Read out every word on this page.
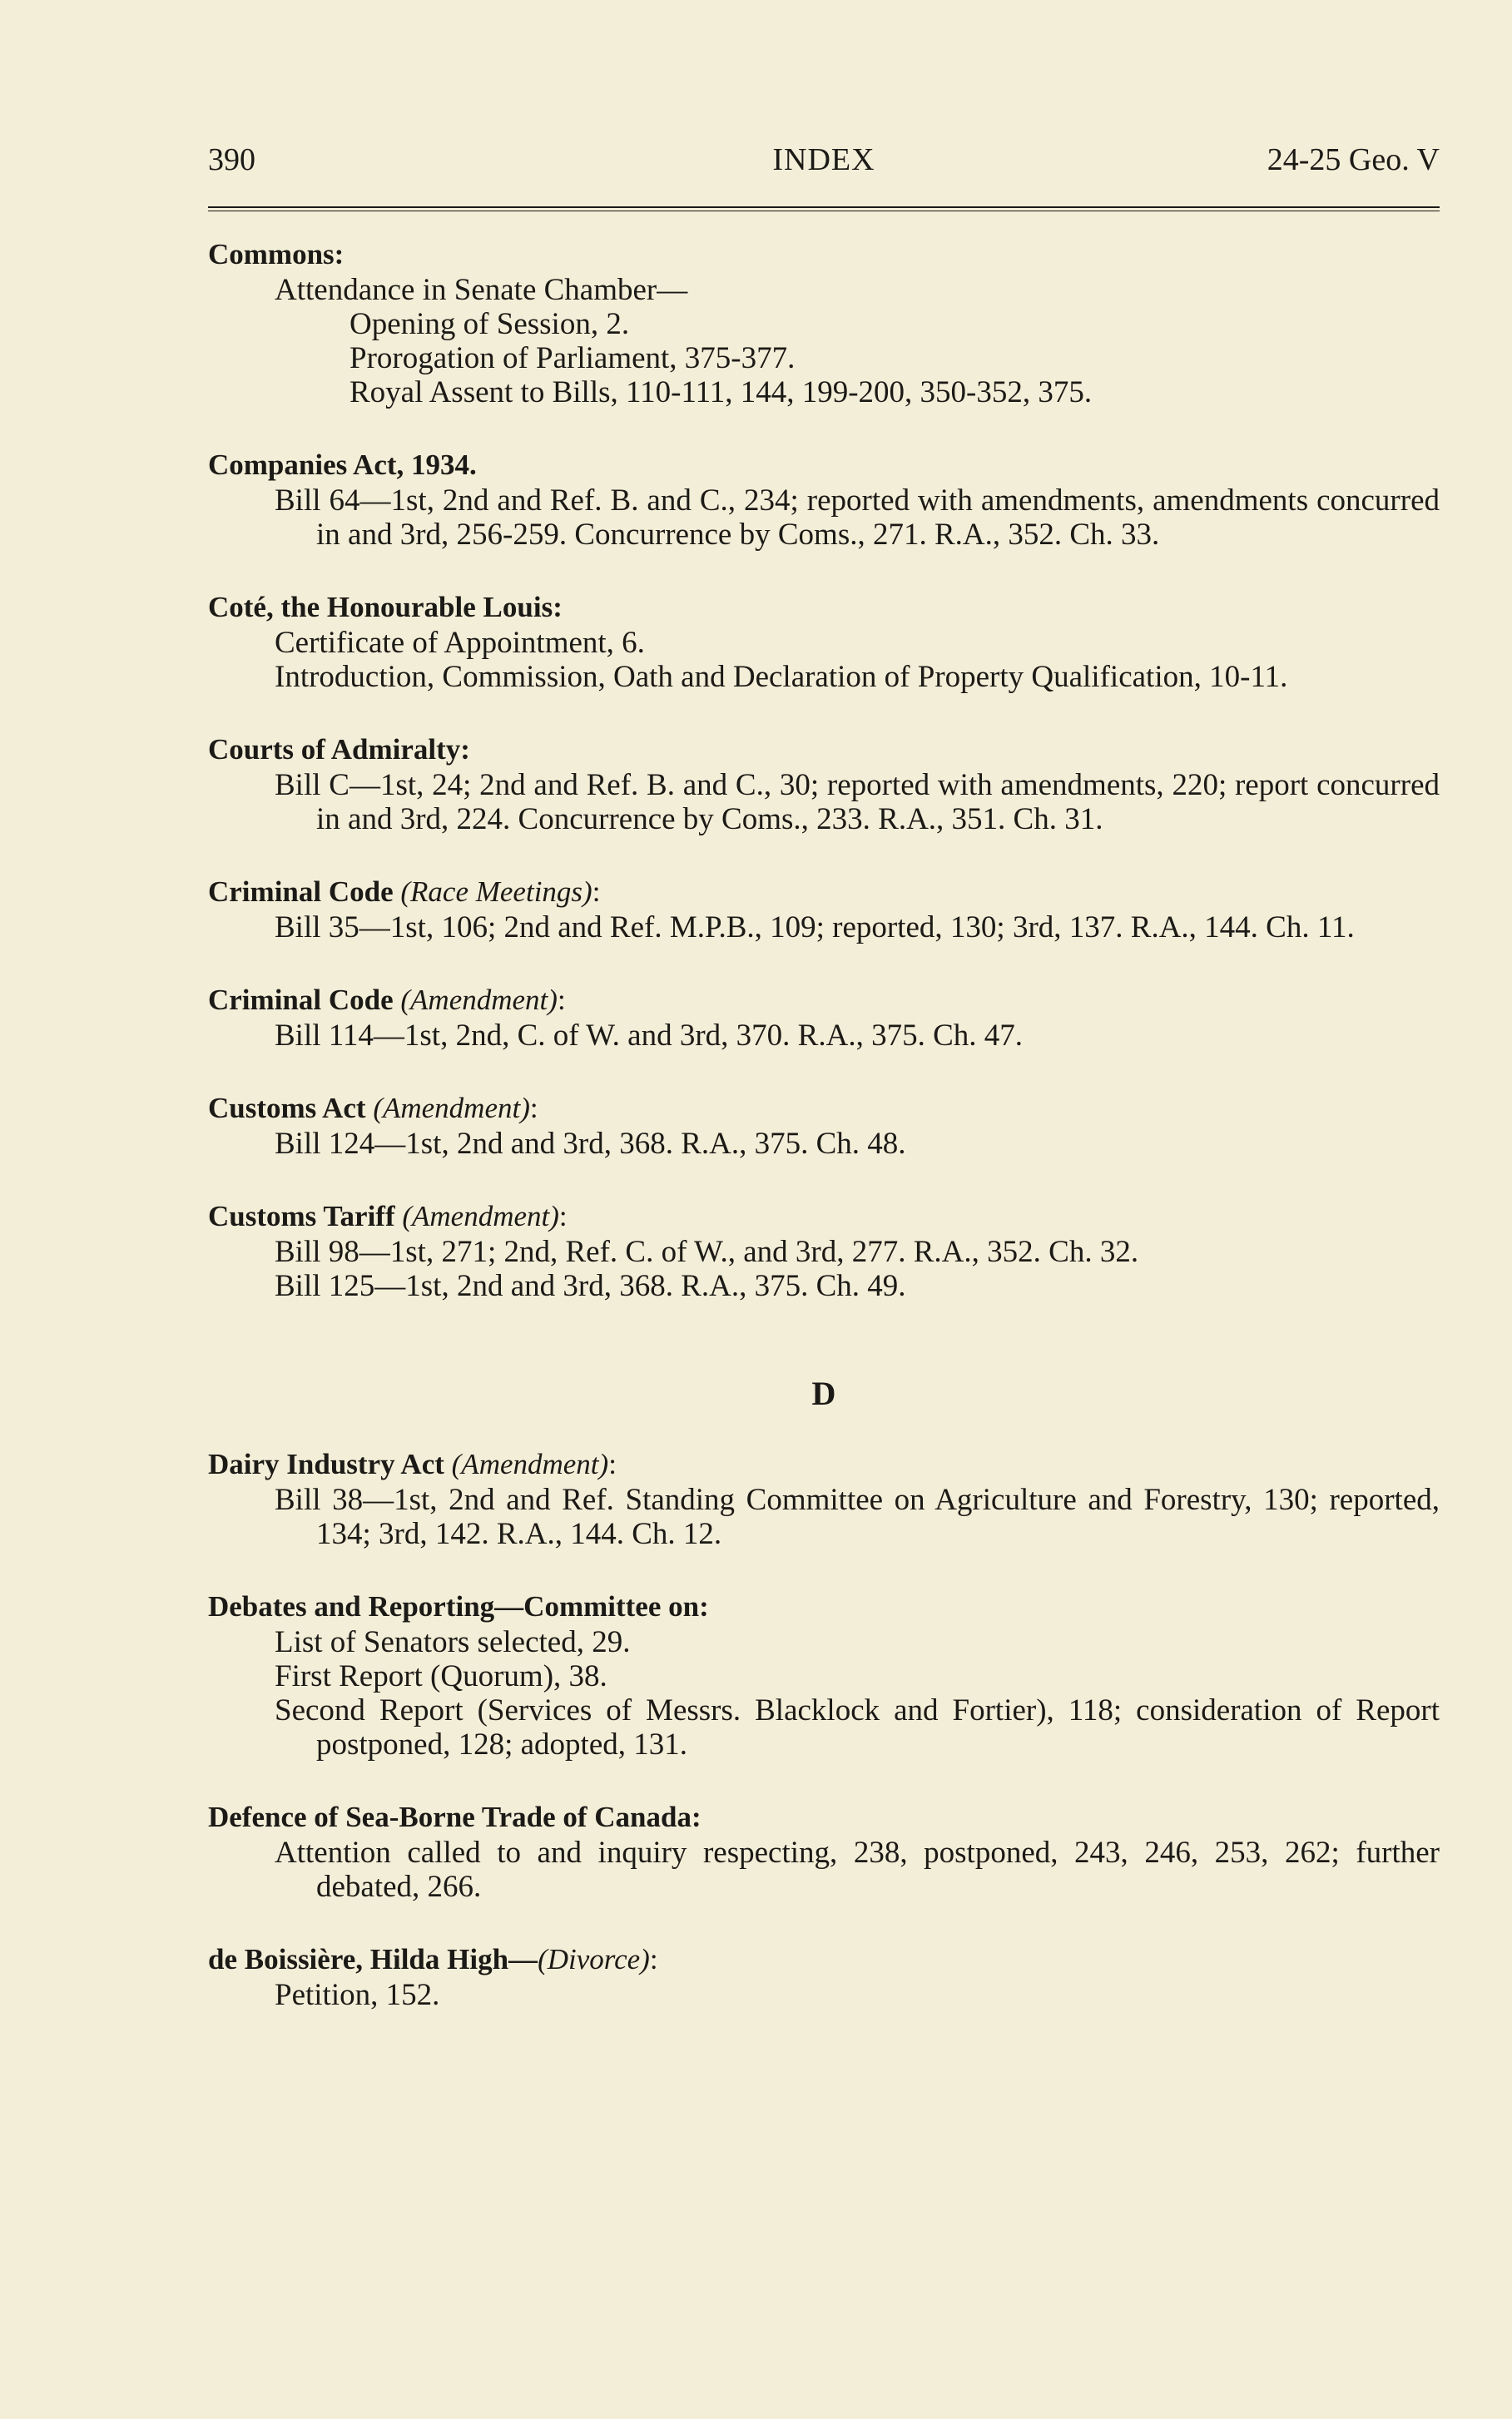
390	INDEX	24-25 Geo. V
Commons:
Attendance in Senate Chamber—
Opening of Session, 2.
Prorogation of Parliament, 375-377.
Royal Assent to Bills, 110-111, 144, 199-200, 350-352, 375.
Companies Act, 1934.
Bill 64—1st, 2nd and Ref. B. and C., 234; reported with amendments, amendments concurred in and 3rd, 256-259. Concurrence by Coms., 271. R.A., 352. Ch. 33.
Coté, the Honourable Louis:
Certificate of Appointment, 6.
Introduction, Commission, Oath and Declaration of Property Qualification, 10-11.
Courts of Admiralty:
Bill C—1st, 24; 2nd and Ref. B. and C., 30; reported with amendments, 220; report concurred in and 3rd, 224. Concurrence by Coms., 233. R.A., 351. Ch. 31.
Criminal Code (Race Meetings):
Bill 35—1st, 106; 2nd and Ref. M.P.B., 109; reported, 130; 3rd, 137. R.A., 144. Ch. 11.
Criminal Code (Amendment):
Bill 114—1st, 2nd, C. of W. and 3rd, 370. R.A., 375. Ch. 47.
Customs Act (Amendment):
Bill 124—1st, 2nd and 3rd, 368. R.A., 375. Ch. 48.
Customs Tariff (Amendment):
Bill 98—1st, 271; 2nd, Ref. C. of W., and 3rd, 277. R.A., 352. Ch. 32.
Bill 125—1st, 2nd and 3rd, 368. R.A., 375. Ch. 49.
D
Dairy Industry Act (Amendment):
Bill 38—1st, 2nd and Ref. Standing Committee on Agriculture and Forestry, 130; reported, 134; 3rd, 142. R.A., 144. Ch. 12.
Debates and Reporting—Committee on:
List of Senators selected, 29.
First Report (Quorum), 38.
Second Report (Services of Messrs. Blacklock and Fortier), 118; consideration of Report postponed, 128; adopted, 131.
Defence of Sea-Borne Trade of Canada:
Attention called to and inquiry respecting, 238, postponed, 243, 246, 253, 262; further debated, 266.
de Boissière, Hilda High—(Divorce):
Petition, 152.
